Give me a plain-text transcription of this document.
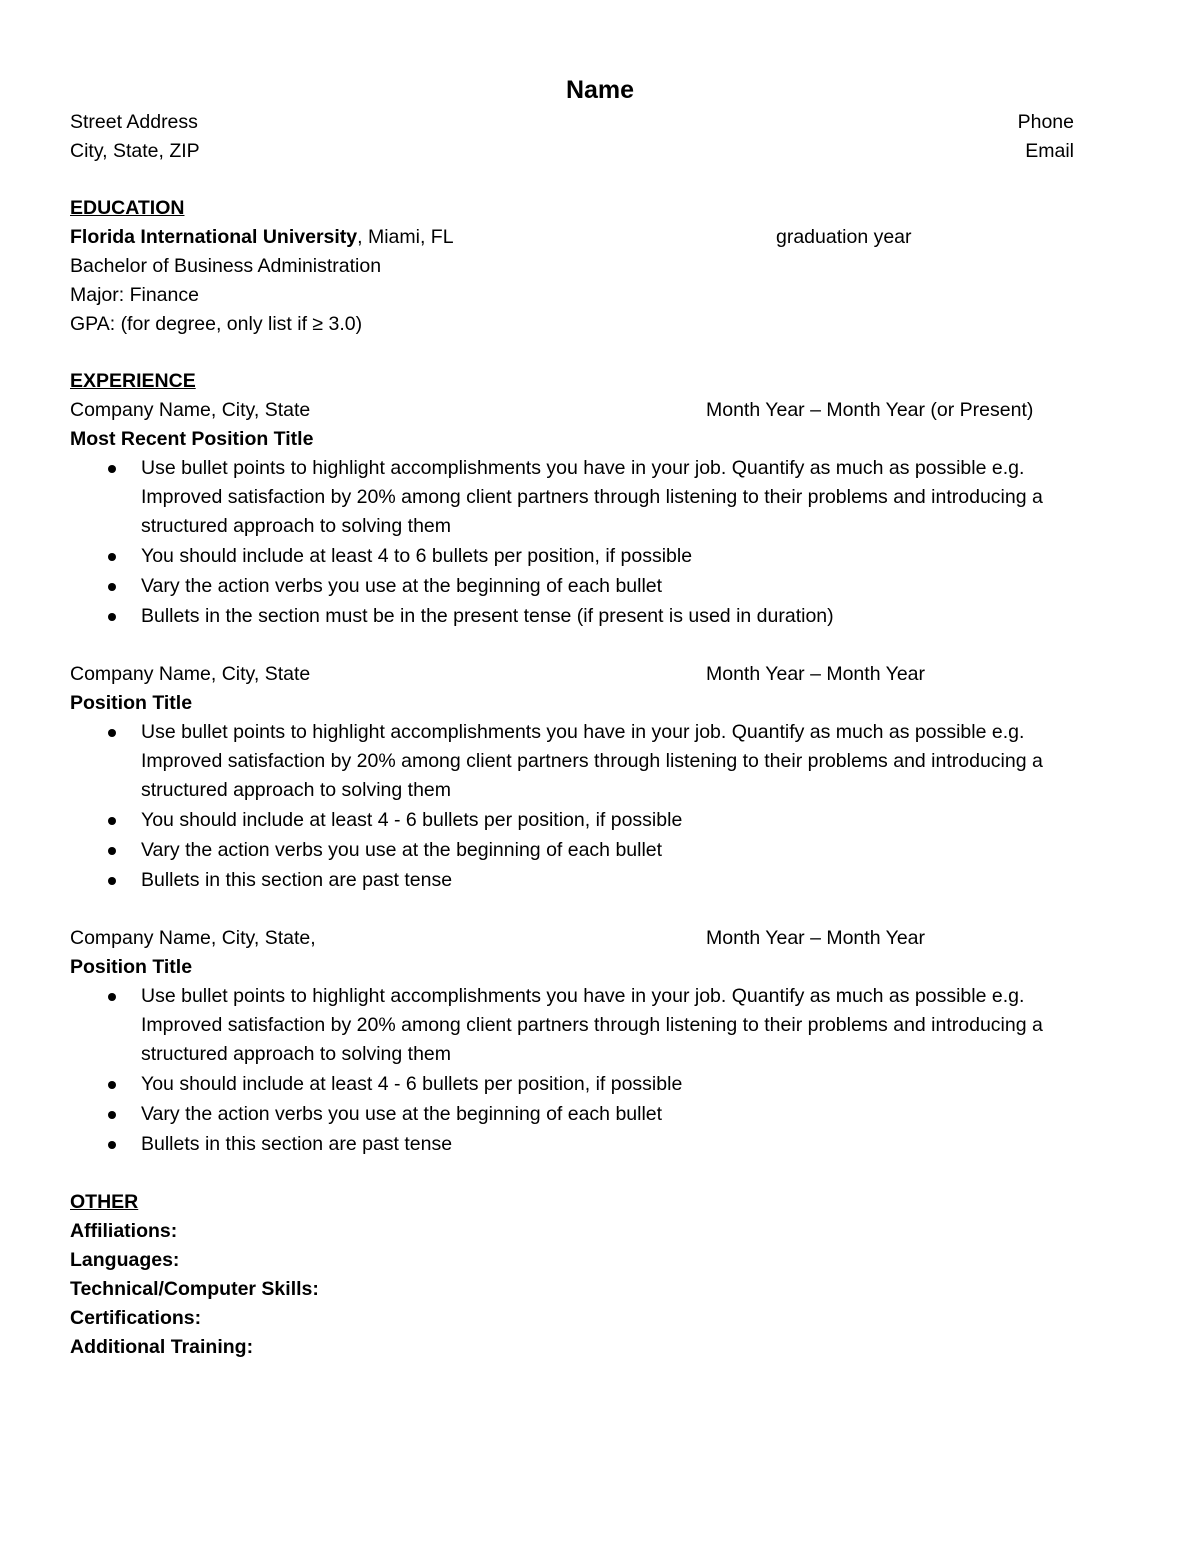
Name
Street Address	Phone
City, State, ZIP	Email
EDUCATION
Florida International University, Miami, FL	graduation year
Bachelor of Business Administration
Major: Finance
GPA: (for degree, only list if ≥ 3.0)
EXPERIENCE
Company Name, City, State	Month Year – Month Year (or Present)
Most Recent Position Title
Use bullet points to highlight accomplishments you have in your job. Quantify as much as possible e.g. Improved satisfaction by 20% among client partners through listening to their problems and introducing a structured approach to solving them
You should include at least 4 to 6 bullets per position, if possible
Vary the action verbs you use at the beginning of each bullet
Bullets in the section must be in the present tense (if present is used in duration)
Company Name, City, State	Month Year – Month Year
Position Title
Use bullet points to highlight accomplishments you have in your job. Quantify as much as possible e.g. Improved satisfaction by 20% among client partners through listening to their problems and introducing a structured approach to solving them
You should include at least 4 - 6 bullets per position, if possible
Vary the action verbs you use at the beginning of each bullet
Bullets in this section are past tense
Company Name, City, State,	Month Year – Month Year
Position Title
Use bullet points to highlight accomplishments you have in your job. Quantify as much as possible e.g. Improved satisfaction by 20% among client partners through listening to their problems and introducing a structured approach to solving them
You should include at least 4 - 6 bullets per position, if possible
Vary the action verbs you use at the beginning of each bullet
Bullets in this section are past tense
OTHER
Affiliations:
Languages:
Technical/Computer Skills:
Certifications:
Additional Training:
